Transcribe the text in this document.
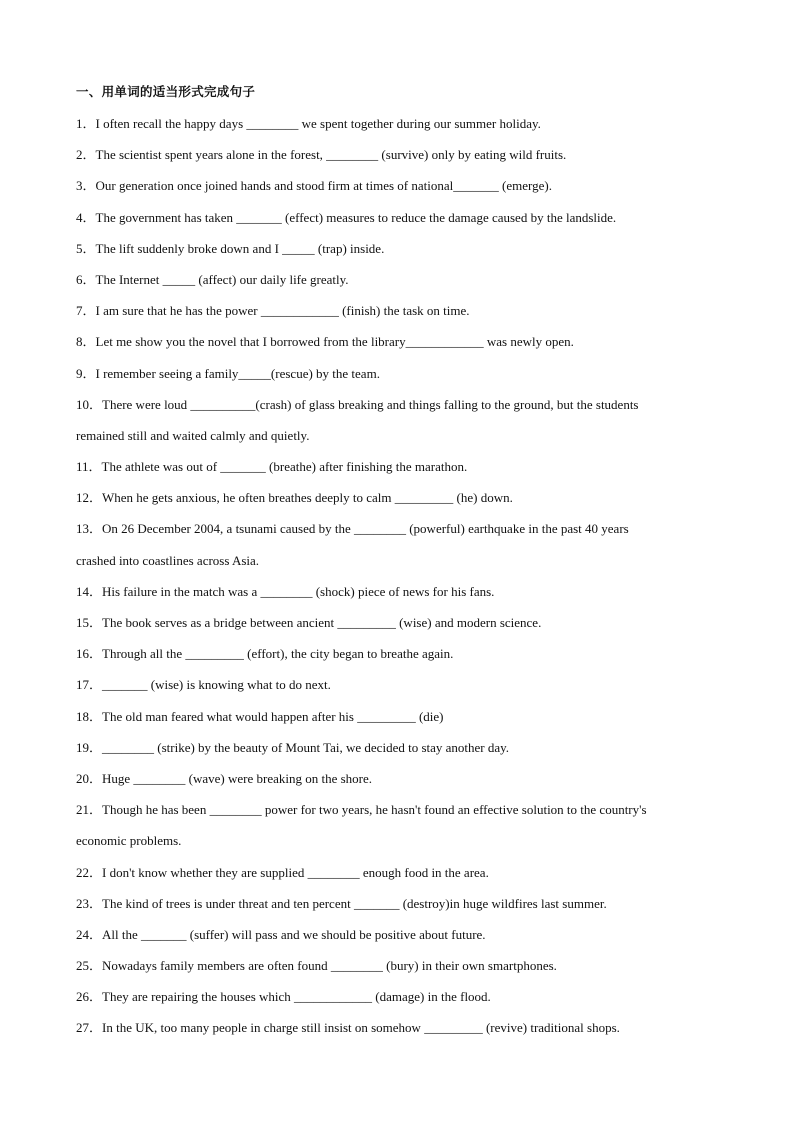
一、用单词的适当形式完成句子
1．I often recall the happy days ________ we spent together during our summer holiday.
2．The scientist spent years alone in the forest, ________ (survive) only by eating wild fruits.
3．Our generation once joined hands and stood firm at times of national_______ (emerge).
4．The government has taken _______ (effect) measures to reduce the damage caused by the landslide.
5．The lift suddenly broke down and I _____ (trap) inside.
6．The Internet _____ (affect) our daily life greatly.
7．I am sure that he has the power ____________ (finish) the task on time.
8．Let me show you the novel that I borrowed from the library____________ was newly open.
9．I remember seeing a family_____(rescue) by the team.
10．There were loud __________(crash) of glass breaking and things falling to the ground, but the students
remained still and waited calmly and quietly.
11．The athlete was out of _______ (breathe) after finishing the marathon.
12．When he gets anxious, he often breathes deeply to calm _________ (he) down.
13．On 26 December 2004, a tsunami caused by the ________ (powerful) earthquake in the past 40 years
crashed into coastlines across Asia.
14．His failure in the match was a ________ (shock) piece of news for his fans.
15．The book serves as a bridge between ancient _________ (wise) and modern science.
16．Through all the _________ (effort), the city began to breathe again.
17．_______ (wise) is knowing what to do next.
18．The old man feared what would happen after his _________ (die)
19．________ (strike) by the beauty of Mount Tai, we decided to stay another day.
20．Huge ________ (wave) were breaking on the shore.
21．Though he has been ________ power for two years, he hasn't found an effective solution to the country's
economic problems.
22．I don't know whether they are supplied ________ enough food in the area.
23．The kind of trees is under threat and ten percent _______ (destroy)in huge wildfires last summer.
24．All the _______ (suffer) will pass and we should be positive about future.
25．Nowadays family members are often found ________ (bury) in their own smartphones.
26．They are repairing the houses which ____________ (damage) in the flood.
27．In the UK, too many people in charge still insist on somehow _________ (revive) traditional shops.
